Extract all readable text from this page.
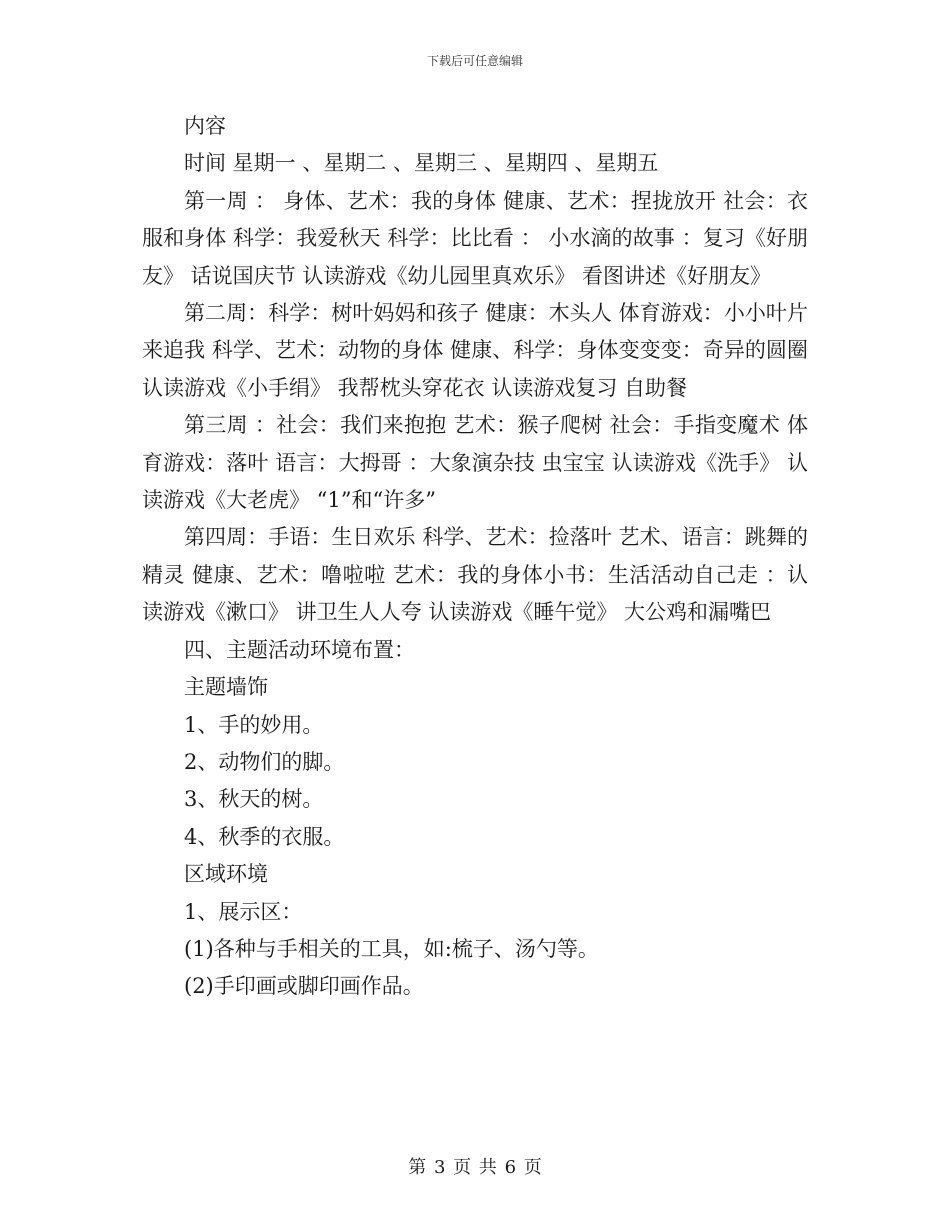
下载后可任意编辑

内容

时间 星期一 、星期二 、星期三 、星期四 、星期五

第一周 ： 身体、艺术：我的身体 健康、艺术：捏拢放开 社会：衣服和身体 科学：我爱秋天 科学：比比看 ： 小水滴的故事 ：复习《好朋友》 话说国庆节 认读游戏《幼儿园里真欢乐》 看图讲述《好朋友》

第二周：科学：树叶妈妈和孩子 健康：木头人 体育游戏：小小叶片来追我 科学、艺术：动物的身体 健康、科学：身体变变变：奇异的圆圈 认读游戏《小手绢》 我帮枕头穿花衣 认读游戏复习 自助餐

第三周 ：社会：我们来抱抱 艺术：猴子爬树 社会：手指变魔术 体育游戏：落叶 语言：大拇哥 ：大象演杂技 虫宝宝 认读游戏《洗手》 认读游戏《大老虎》 “1”和“许多”

第四周：手语：生日欢乐 科学、艺术：捡落叶 艺术、语言：跳舞的精灵 健康、艺术：噜啦啦 艺术：我的身体小书：生活活动自己走 ：认读游戏《漱口》 讲卫生人人夸 认读游戏《睡午觉》 大公鸡和漏嘴巴

四、主题活动环境布置：

主题墙饰

1、手的妙用。

2、动物们的脚。

3、秋天的树。

4、秋季的衣服。

区域环境

1、展示区：

(1)各种与手相关的工具，如:梳子、汤勺等。

(2)手印画或脚印画作品。

第 3 页 共 6 页
